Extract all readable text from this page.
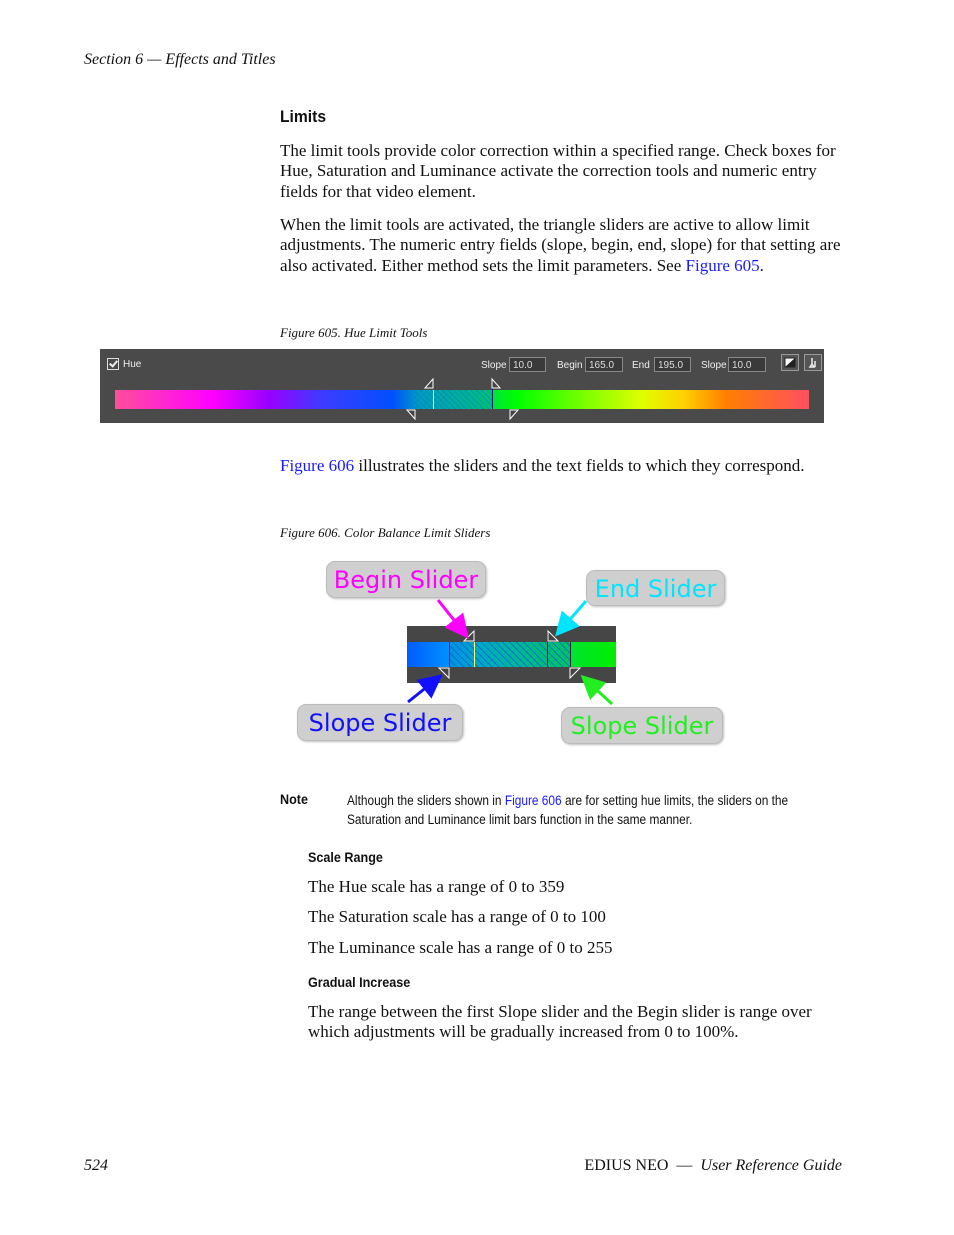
Section 6 — Effects and Titles
Limits
The limit tools provide color correction within a specified range. Check boxes for Hue, Saturation and Luminance activate the correction tools and numeric entry fields for that video element.
When the limit tools are activated, the triangle sliders are active to allow limit adjustments. The numeric entry fields (slope, begin, end, slope) for that setting are also activated. Either method sets the limit parameters. See Figure 605.
Figure 605. Hue Limit Tools
Hue	Slope 10.0	Begin 165.0	End 195.0	Slope 10.0
Figure 606 illustrates the sliders and the text fields to which they correspond.
Figure 606. Color Balance Limit Sliders
Begin Slider	End Slider
Slope Slider	Slope Slider
Note	Although the sliders shown in Figure 606 are for setting hue limits, the sliders on the Saturation and Luminance limit bars function in the same manner.
Scale Range
The Hue scale has a range of 0 to 359
The Saturation scale has a range of 0 to 100
The Luminance scale has a range of 0 to 255
Gradual Increase
The range between the first Slope slider and the Begin slider is range over which adjustments will be gradually increased from 0 to 100%.
524	EDIUS NEO — User Reference Guide
